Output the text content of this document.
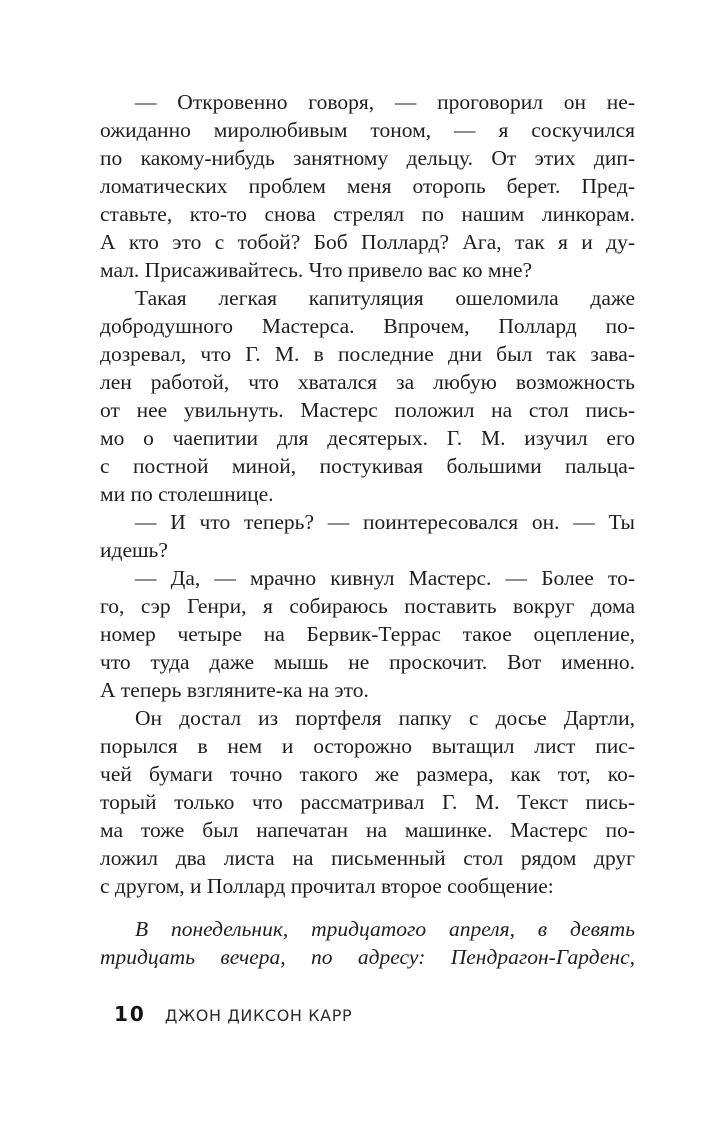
— Откровенно говоря, — проговорил он не-
ожиданно миролюбивым тоном, — я соскучился
по какому-нибудь занятному дельцу. От этих дип-
ломатических проблем меня оторопь берет. Пред-
ставьте, кто-то снова стрелял по нашим линкорам.
А кто это с тобой? Боб Поллард? Ага, так я и ду-
мал. Присаживайтесь. Что привело вас ко мне?
Такая легкая капитуляция ошеломила даже
добродушного Мастерса. Впрочем, Поллард по-
дозревал, что Г. М. в последние дни был так зава-
лен работой, что хватался за любую возможность
от нее увильнуть. Мастерс положил на стол пись-
мо о чаепитии для десятерых. Г. М. изучил его
с постной миной, постукивая большими пальца-
ми по столешнице.
— И что теперь? — поинтересовался он. — Ты
идешь?
— Да, — мрачно кивнул Мастерс. — Более то-
го, сэр Генри, я собираюсь поставить вокруг дома
номер четыре на Бервик-Террас такое оцепление,
что туда даже мышь не проскочит. Вот именно.
А теперь взгляните-ка на это.
Он достал из портфеля папку с досье Дартли,
порылся в нем и осторожно вытащил лист пис-
чей бумаги точно такого же размера, как тот, ко-
торый только что рассматривал Г. М. Текст пись-
ма тоже был напечатан на машинке. Мастерс по-
ложил два листа на письменный стол рядом друг
с другом, и Поллард прочитал второе сообщение:
В понедельник, тридцатого апреля, в девять
тридцать вечера, по адресу: Пендрагон-Гарденс,
10 ДЖОН ДИКСОН КАРР
